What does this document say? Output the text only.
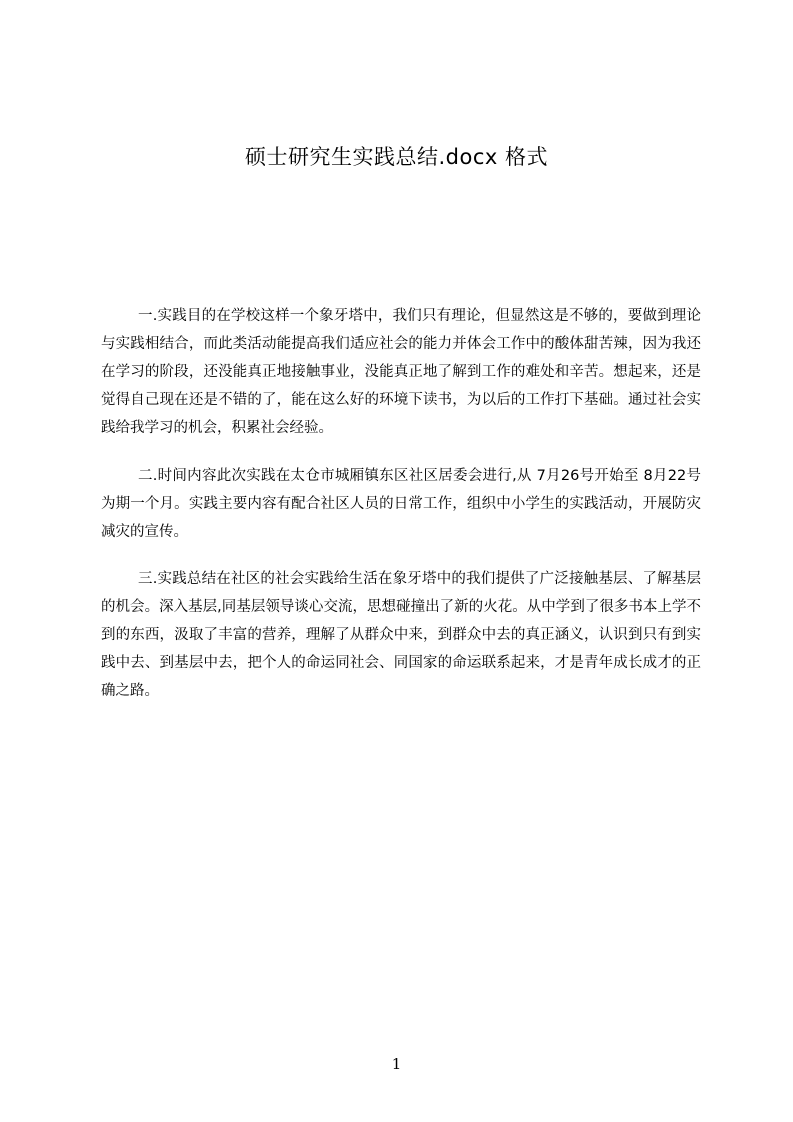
硕士研究生实践总结.docx 格式

一.实践目的在学校这样一个象牙塔中，我们只有理论，但显然这是不够的，要做到理论与实践相结合，而此类活动能提高我们适应社会的能力并体会工作中的酸体甜苦辣，因为我还在学习的阶段，还没能真正地接触事业，没能真正地了解到工作的难处和辛苦。想起来，还是觉得自己现在还是不错的了，能在这么好的环境下读书，为以后的工作打下基础。通过社会实践给我学习的机会，积累社会经验。

二.时间内容此次实践在太仓市城厢镇东区社区居委会进行,从 7月26号开始至 8月22号为期一个月。实践主要内容有配合社区人员的日常工作，组织中小学生的实践活动，开展防灾减灾的宣传。

三.实践总结在社区的社会实践给生活在象牙塔中的我们提供了广泛接触基层、了解基层的机会。深入基层,同基层领导谈心交流，思想碰撞出了新的火花。从中学到了很多书本上学不到的东西，汲取了丰富的营养，理解了从群众中来，到群众中去的真正涵义，认识到只有到实践中去、到基层中去，把个人的命运同社会、同国家的命运联系起来，才是青年成长成才的正确之路。

1
